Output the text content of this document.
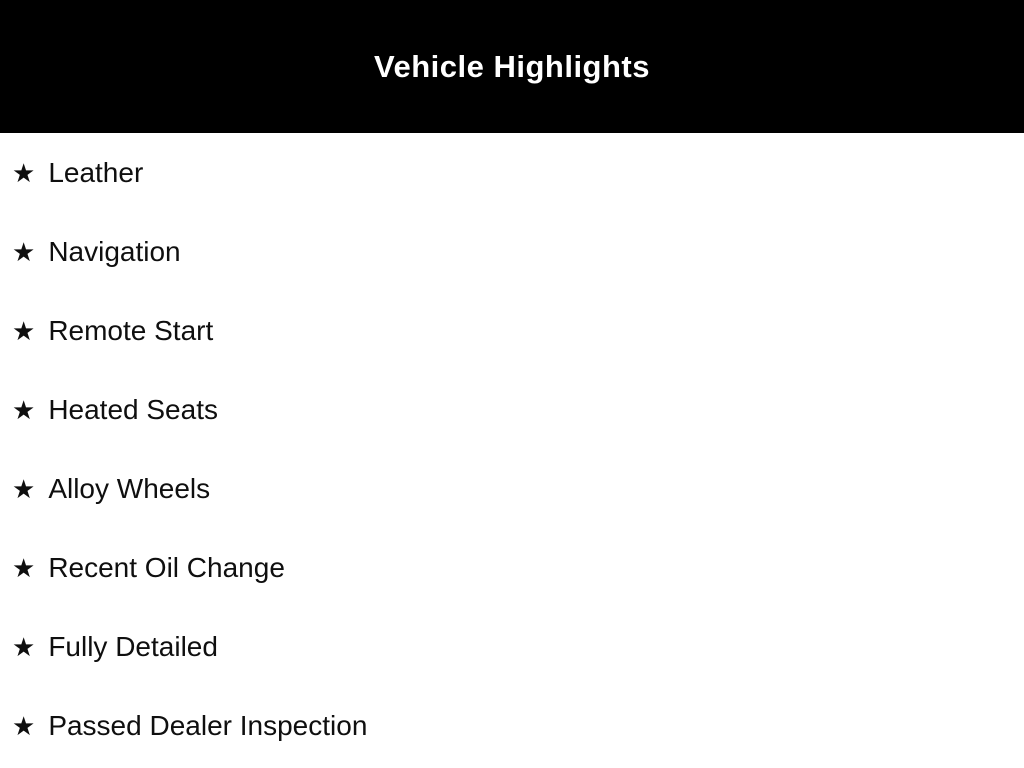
Vehicle Highlights
★ Leather
★ Navigation
★ Remote Start
★ Heated Seats
★ Alloy Wheels
★ Recent Oil Change
★ Fully Detailed
★ Passed Dealer Inspection
